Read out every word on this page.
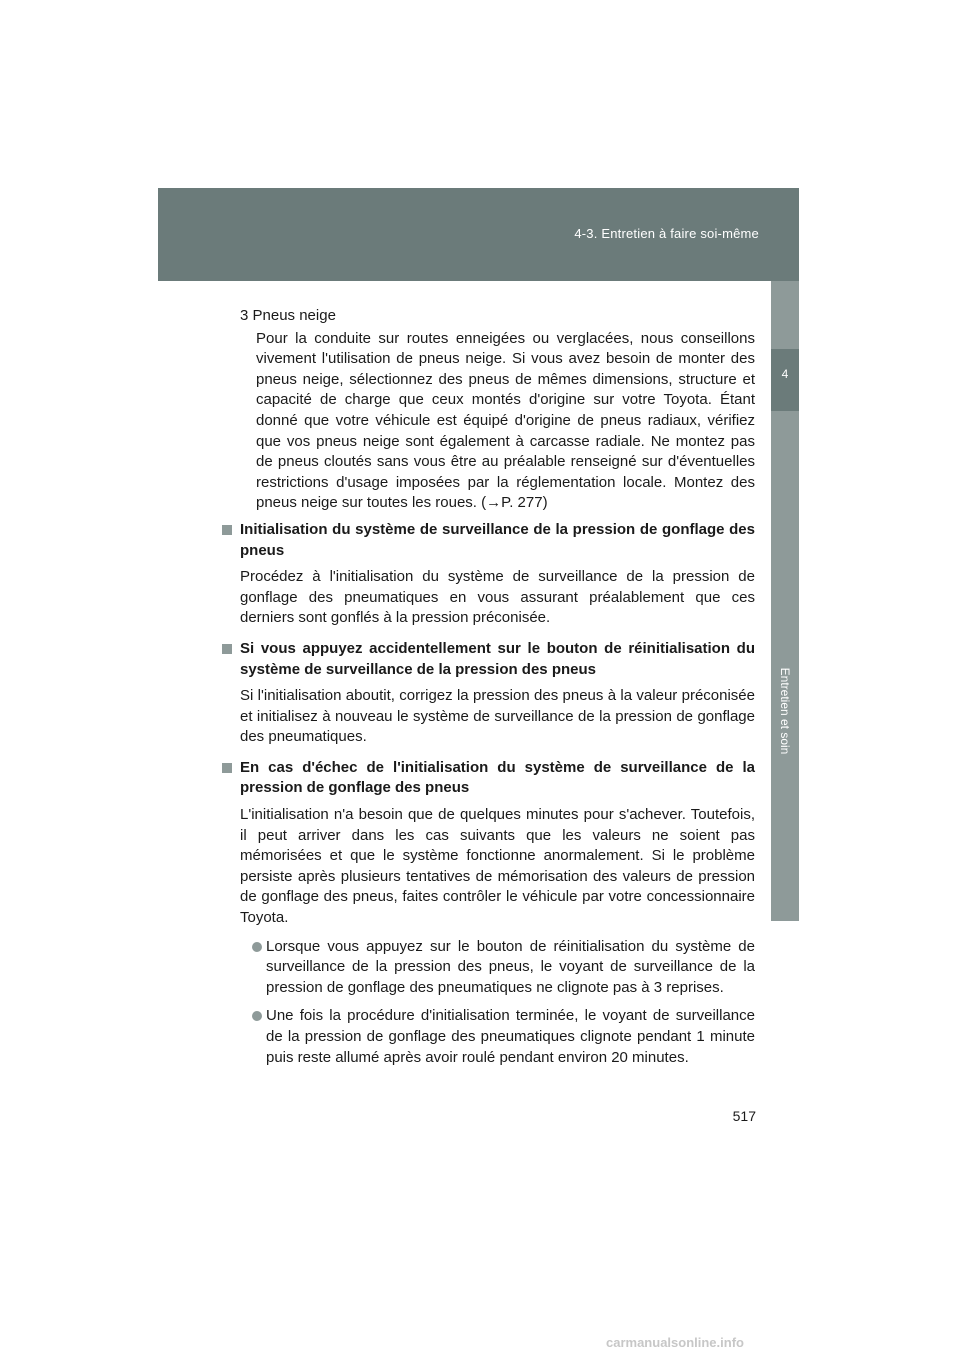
4-3. Entretien à faire soi-même
4
Entretien et soin

3 Pneus neige

Pour la conduite sur routes enneigées ou verglacées, nous conseillons vivement l'utilisation de pneus neige. Si vous avez besoin de monter des pneus neige, sélectionnez des pneus de mêmes dimensions, structure et capacité de charge que ceux montés d'origine sur votre Toyota. Étant donné que votre véhicule est équipé d'origine de pneus radiaux, vérifiez que vos pneus neige sont également à carcasse radiale. Ne montez pas de pneus cloutés sans vous être au préalable renseigné sur d'éventuelles restrictions d'usage imposées par la réglementation locale. Montez des pneus neige sur toutes les roues. (→P. 277)

Initialisation du système de surveillance de la pression de gonflage des pneus

Procédez à l'initialisation du système de surveillance de la pression de gonflage des pneumatiques en vous assurant préalablement que ces derniers sont gonflés à la pression préconisée.

Si vous appuyez accidentellement sur le bouton de réinitialisation du système de surveillance de la pression des pneus

Si l'initialisation aboutit, corrigez la pression des pneus à la valeur préconisée et initialisez à nouveau le système de surveillance de la pression de gonflage des pneumatiques.

En cas d'échec de l'initialisation du système de surveillance de la pression de gonflage des pneus

L'initialisation n'a besoin que de quelques minutes pour s'achever. Toutefois, il peut arriver dans les cas suivants que les valeurs ne soient pas mémorisées et que le système fonctionne anormalement. Si le problème persiste après plusieurs tentatives de mémorisation des valeurs de pression de gonflage des pneus, faites contrôler le véhicule par votre concessionnaire Toyota.

Lorsque vous appuyez sur le bouton de réinitialisation du système de surveillance de la pression des pneus, le voyant de surveillance de la pression de gonflage des pneumatiques ne clignote pas à 3 reprises.

Une fois la procédure d'initialisation terminée, le voyant de surveillance de la pression de gonflage des pneumatiques clignote pendant 1 minute puis reste allumé après avoir roulé pendant environ 20 minutes.

517
carmanualsonline.info
